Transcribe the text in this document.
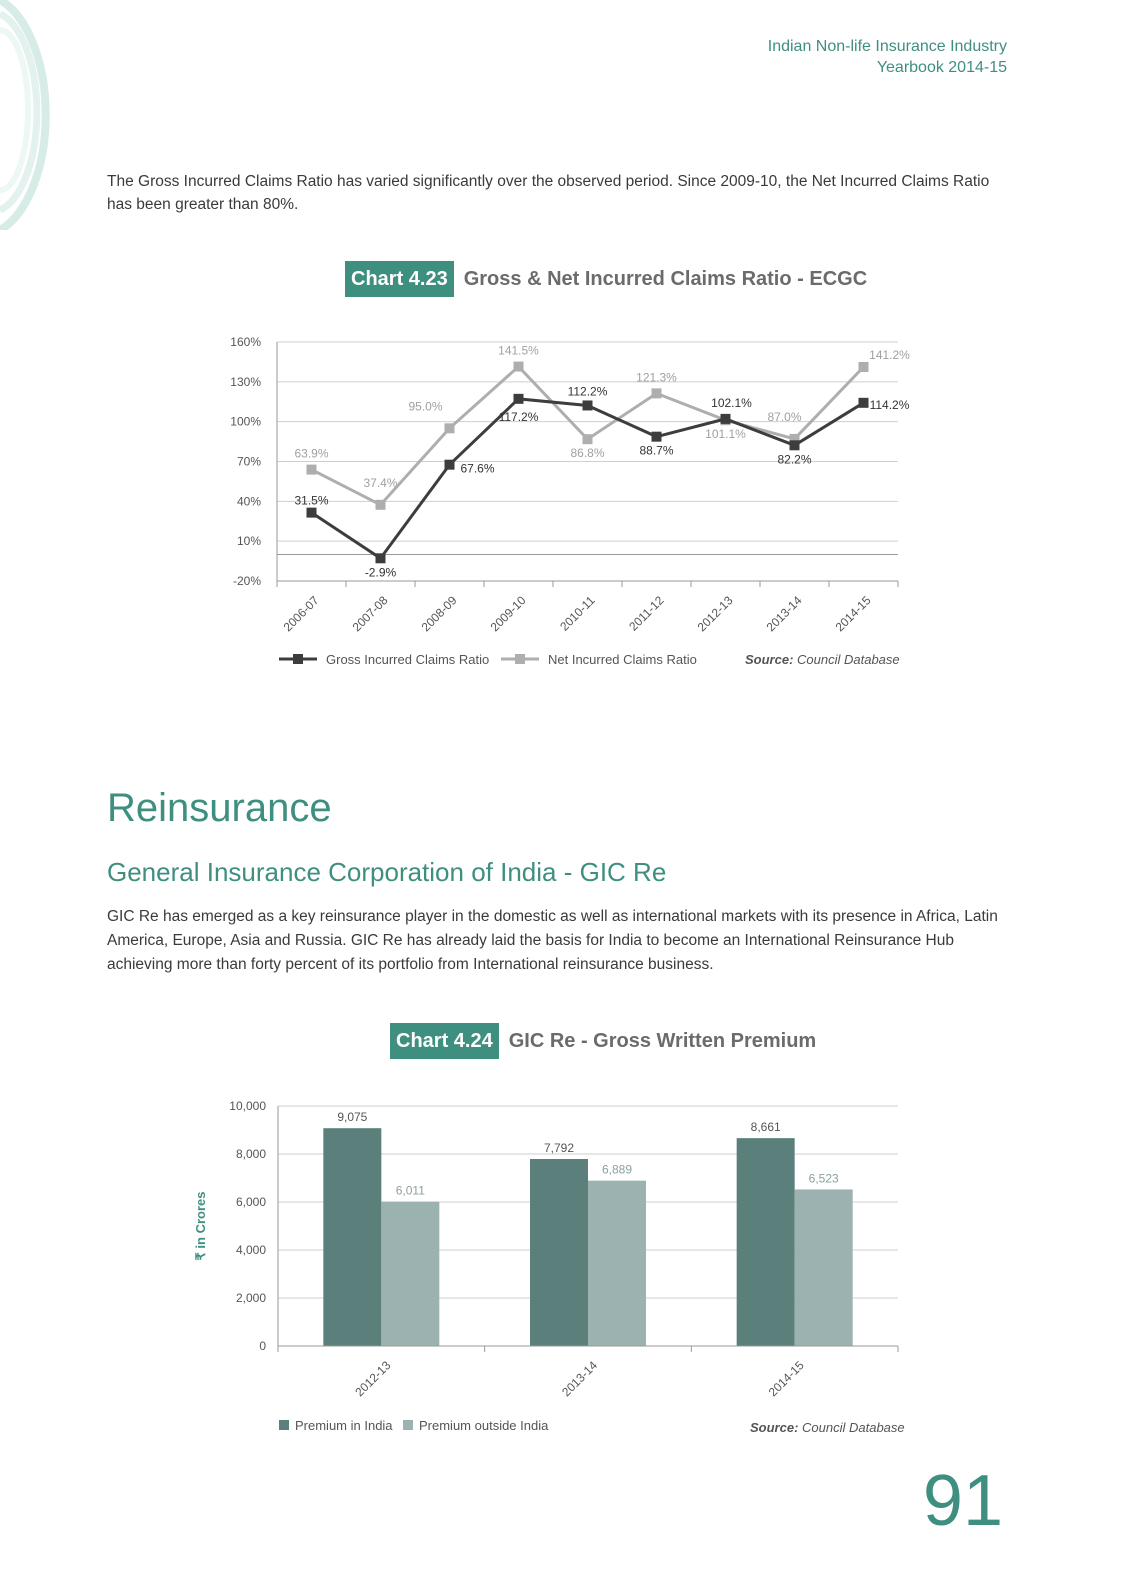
Indian Non-life Insurance Industry
Yearbook 2014-15
The Gross Incurred Claims Ratio has varied significantly over the observed period. Since 2009-10, the Net Incurred Claims Ratio has been greater than 80%.
Chart 4.23 Gross & Net Incurred Claims Ratio - ECGC
160%
130%
100%
70%
40%
10%
-20%
2006-07 2007-08 2008-09 2009-10 2010-11 2011-12 2012-13 2013-14 2014-15
31.5%
-2.9%
67.6%
117.2%
112.2%
88.7%
102.1%
82.2%
114.2%
63.9%
37.4%
95.0%
141.5%
86.8%
121.3%
101.1%
87.0%
141.2%
Gross Incurred Claims Ratio	Net Incurred Claims Ratio	Source: Council Database
Reinsurance
General Insurance Corporation of India - GIC Re
GIC Re has emerged as a key reinsurance player in the domestic as well as international markets with its presence in Africa, Latin America, Europe, Asia and Russia. GIC Re has already laid the basis for India to become an International Reinsurance Hub achieving more than forty percent of its portfolio from International reinsurance business.
Chart 4.24 GIC Re - Gross Written Premium
9,075
6,011
7,792
6,889
8,661
6,523
10,000
8,000
6,000
4,000
2,000
0
₹ in Crores
2012-13	2013-14	2014-15
Premium in India Premium outside India	Source: Council Database
91
